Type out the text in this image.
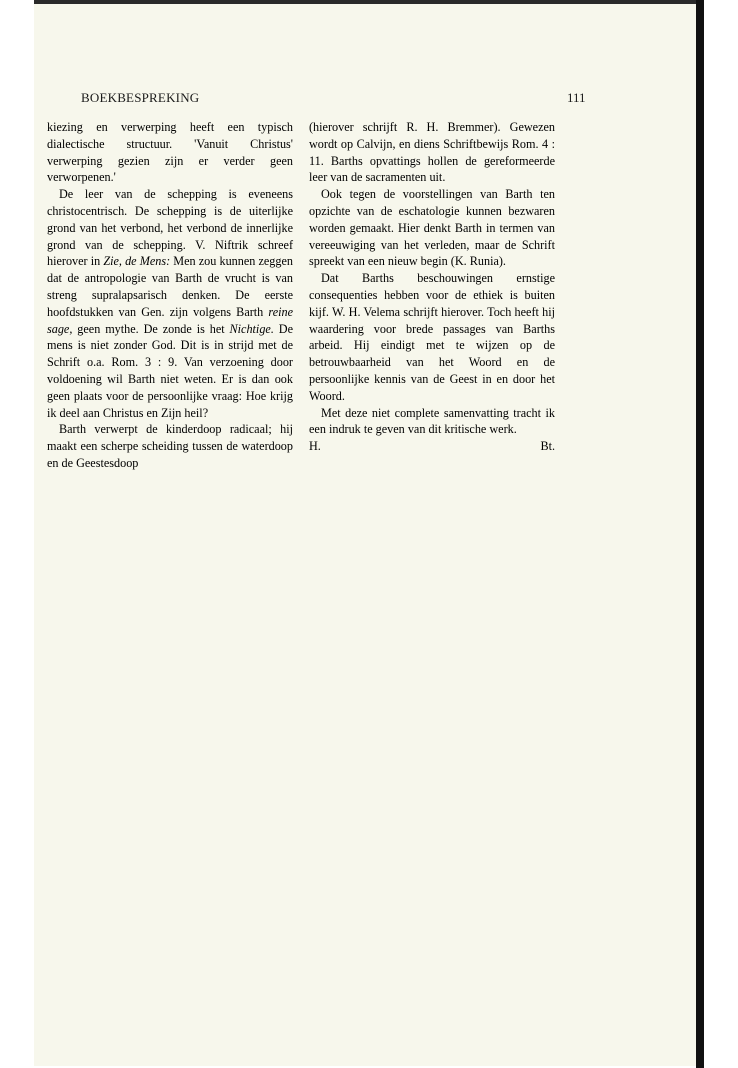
BOEKBESPREKING	111

kiezing en verwerping heeft een typisch dialectische structuur. 'Vanuit Christus' verwerping gezien zijn er verder geen verworpenen.'

De leer van de schepping is eveneens christocentrisch. De schepping is de uiterlijke grond van het verbond, het verbond de innerlijke grond van de schepping. V. Niftrik schreef hierover in Zie, de Mens: Men zou kunnen zeggen dat de antropologie van Barth de vrucht is van streng supralapsarisch denken. De eerste hoofdstukken van Gen. zijn volgens Barth reine sage, geen mythe. De zonde is het Nichtige. De mens is niet zonder God. Dit is in strijd met de Schrift o.a. Rom. 3 : 9. Van verzoening door voldoening wil Barth niet weten. Er is dan ook geen plaats voor de persoonlijke vraag: Hoe krijg ik deel aan Christus en Zijn heil?

Barth verwerpt de kinderdoop radicaal; hij maakt een scherpe scheiding tussen de waterdoop en de Geestesdoop

(hierover schrijft R. H. Bremmer). Gewezen wordt op Calvijn, en diens Schriftbewijs Rom. 4 : 11. Barths opvattings hollen de gereformeerde leer van de sacramenten uit.

Ook tegen de voorstellingen van Barth ten opzichte van de eschatologie kunnen bezwaren worden gemaakt. Hier denkt Barth in termen van vereeuwiging van het verleden, maar de Schrift spreekt van een nieuw begin (K. Runia).

Dat Barths beschouwingen ernstige consequenties hebben voor de ethiek is buiten kijf. W. H. Velema schrijft hierover. Toch heeft hij waardering voor brede passages van Barths arbeid. Hij eindigt met te wijzen op de betrouwbaarheid van het Woord en de persoonlijke kennis van de Geest in en door het Woord.

Met deze niet complete samenvatting tracht ik een indruk te geven van dit kritische werk.

H.	Bt.
